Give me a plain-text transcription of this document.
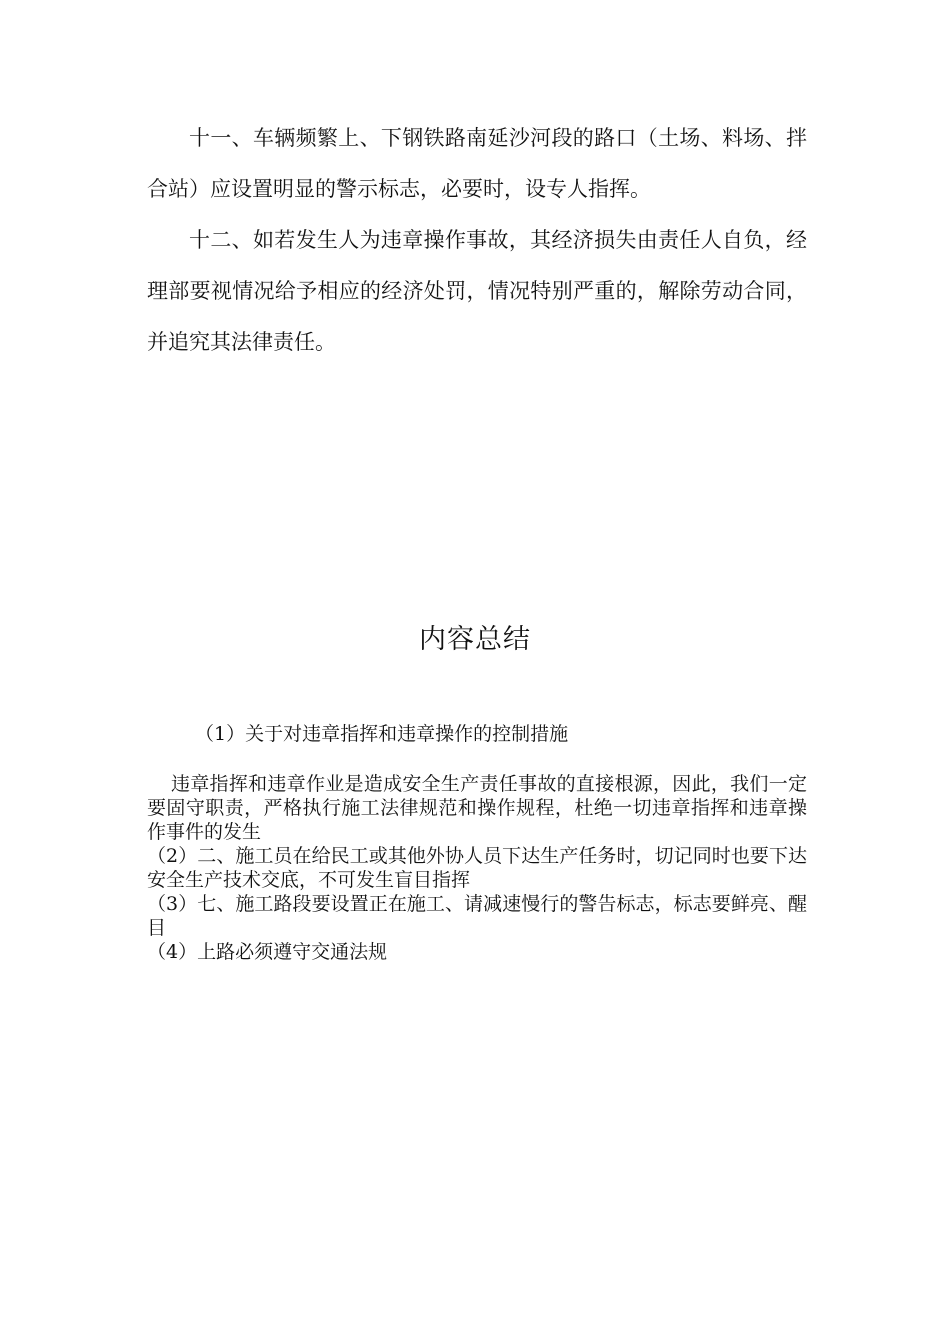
十一、车辆频繁上、下钢铁路南延沙河段的路口（土场、料场、拌合站）应设置明显的警示标志，必要时，设专人指挥。

十二、如若发生人为违章操作事故，其经济损失由责任人自负，经理部要视情况给予相应的经济处罚，情况特别严重的，解除劳动合同，并追究其法律责任。

内容总结
（1）关于对违章指挥和违章操作的控制措施

违章指挥和违章作业是造成安全生产责任事故的直接根源，因此，我们一定要固守职责，严格执行施工法律规范和操作规程，杜绝一切违章指挥和违章操作事件的发生

（2）二、施工员在给民工或其他外协人员下达生产任务时，切记同时也要下达安全生产技术交底，不可发生盲目指挥

（3）七、施工路段要设置正在施工、请减速慢行的警告标志，标志要鲜亮、醒目

（4）上路必须遵守交通法规
